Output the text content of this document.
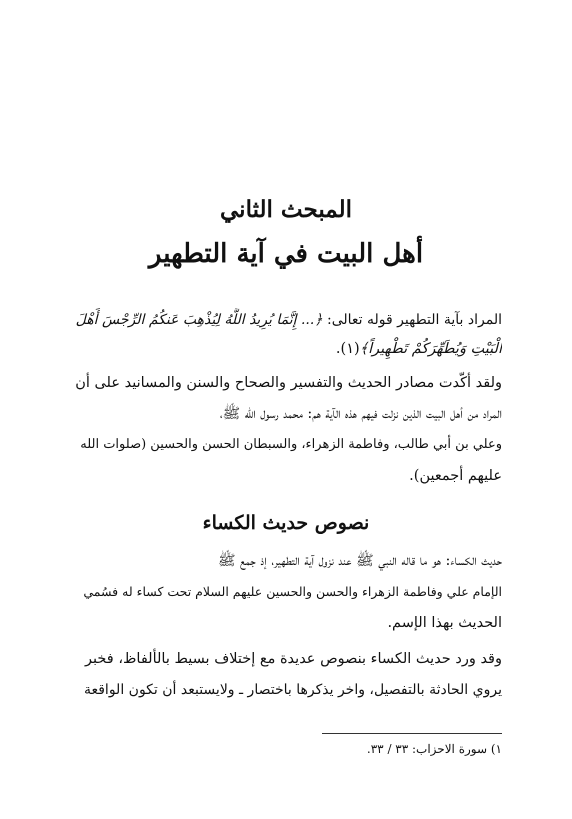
المبحث الثاني
أهل البيت في آية التطهير
المراد بآية التطهير قوله تعالى: ﴿... إِنَّمَا يُرِيدُ اللَّهُ لِيُذْهِبَ عَنكُمُ الرِّجْسَ أَهْلَ
الْبَيْتِ وَيُطَهِّرَكُمْ تَطْهِيراً﴾(١).
ولقد أكّدت مصادر الحديث والتفسير والصحاح والسنن والمسانيد على أن
المراد من أهل البيت الذين نزلت فيهم هذه الآية هم: محمد رسول الله ﷺ،
وعلي بن أبي طالب، وفاطمة الزهراء، والسبطان الحسن والحسين (صلوات الله
عليهم أجمعين).
نصوص حديث الكساء
حديث الكساء: هو ما قاله النبي ﷺ عند نزول آية التطهير، إذ جمع ﷺ
الإمام علي وفاطمة الزهراء والحسن والحسين عليهم السلام تحت كساء له فسُمي
الحديث بهذا الإسم.
وقد ورد حديث الكساء بنصوص عديدة مع إختلاف بسيط بالألفاظ، فخبر
يروي الحادثة بالتفصيل، واخر يذكرها باختصار ـ ولايستبعد أن تكون الواقعة
١) سورة الاحزاب: ٣٣ / ٣٣.
